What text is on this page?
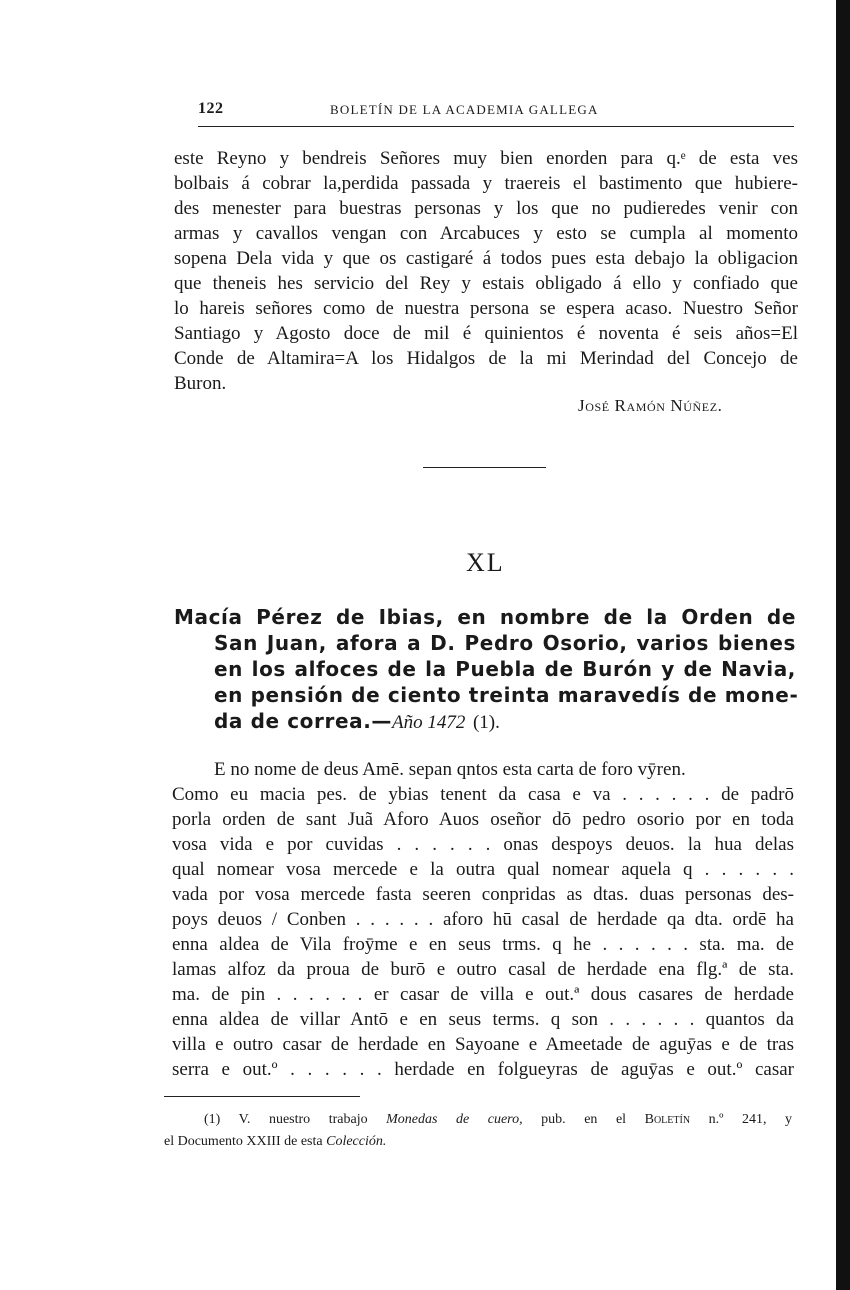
122	BOLETÍN DE LA ACADEMIA GALLEGA
este Reyno y bendreis Señores muy bien enorden para q.ᵉ de esta ves
bolbais á cobrar la,perdida passada y traereis el bastimento que hubiere-
des menester para buestras personas y los que no pudieredes venir con
armas y cavallos vengan con Arcabuces y esto se cumpla al momento
sopena Dela vida y que os castigaré á todos pues esta debajo la obligacion
que theneis hes servicio del Rey y estais obligado á ello y confiado que
lo hareis señores como de nuestra persona se espera acaso. Nuestro Señor
Santiago y Agosto doce de mil é quinientos é noventa é seis años=El
Conde de Altamira=A los Hidalgos de la mi Merindad del Concejo de
Buron.
José Ramón Núñez.
XL
Macía Pérez de Ibias, en nombre de la Orden de
San Juan, afora a D. Pedro Osorio, varios bienes
en los alfoces de la Puebla de Burón y de Navia,
en pensión de ciento treinta maravedís de mone-
da de correa.—Año 1472 (1).
E no nome de deus Amē. sepan qntos esta carta de foro vȳren.
Como eu macia pes. de ybias tenent da casa e va . . . . . . de padrō
porla orden de sant Juã Aforo Auos oseñor dō pedro osorio por en toda
vosa vida e por cuvidas . . . . . . onas despoys deuos. la hua delas
qual nomear vosa mercede e la outra qual nomear aquela q . . . . . .
vada por vosa mercede fasta seeren conpridas as dtas. duas personas des-
poys deuos / Conben . . . . . . aforo hū casal de herdade qa dta. ordē ha
enna aldea de Vila froȳme e en seus trms. q he . . . . . . sta. ma. de
lamas alfoz da proua de burō e outro casal de herdade ena flg.ª de sta.
ma. de pin . . . . . . er casar de villa e out.ª dous casares de herdade
enna aldea de villar Antō e en seus terms. q son . . . . . . quantos da
villa e outro casar de herdade en Sayoane e Ameetade de aguȳas e de tras
serra e out.º . . . . . . herdade en folgueyras de aguȳas e out.º casar
(1) V. nuestro trabajo Monedas de cuero, pub. en el Boletín n.º 241, y
el Documento XXIII de esta Colección.
